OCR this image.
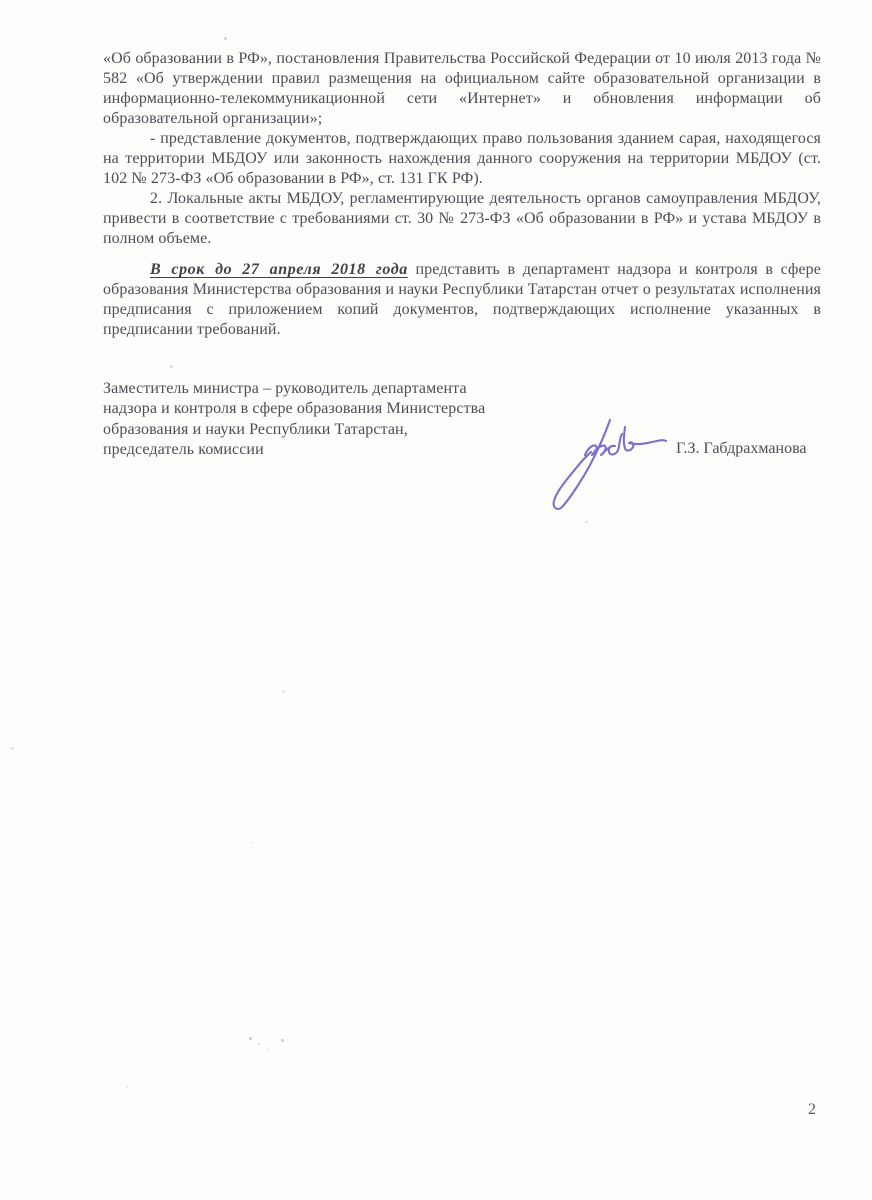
«Об образовании в РФ», постановления Правительства Российской Федерации от 10 июля 2013 года № 582 «Об утверждении правил размещения на официальном сайте образовательной организации в информационно-телекоммуникационной сети «Интернет» и обновления информации об образовательной организации»;

- представление документов, подтверждающих право пользования зданием сарая, находящегося на территории МБДОУ или законность нахождения данного сооружения на территории МБДОУ (ст. 102 № 273-ФЗ «Об образовании в РФ», ст. 131 ГК РФ).

2. Локальные акты МБДОУ, регламентирующие деятельность органов самоуправления МБДОУ, привести в соответствие с требованиями ст. 30 № 273-ФЗ «Об образовании в РФ» и устава МБДОУ в полном объеме.

В срок до 27 апреля 2018 года представить в департамент надзора и контроля в сфере образования Министерства образования и науки Республики Татарстан отчет о результатах исполнения предписания с приложением копий документов, подтверждающих исполнение указанных в предписании требований.

Заместитель министра – руководитель департамента
надзора и контроля в сфере образования Министерства
образования и науки Республики Татарстан,
председатель комиссии	Г.З. Габдрахманова
2
